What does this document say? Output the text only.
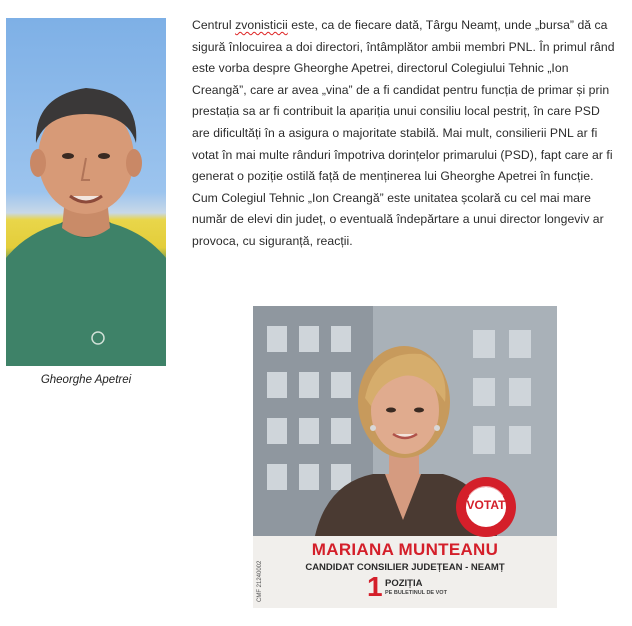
Gheorghe Apetrei
Centrul zvonisticii este, ca de fiecare dată, Târgu Neamț, unde „bursa” dă ca sigură înlocuirea a doi directori, întâmplător ambii membri PNL. În primul rând este vorba despre Gheorghe Apetrei, directorul Colegiului Tehnic „Ion Creangă”, care ar avea „vina” de a fi candidat pentru funcția de primar și prin prestația sa ar fi contribuit la apariția unui consiliu local pestriț, în care PSD are dificultăți în a asigura o majoritate stabilă. Mai mult, consilierii PNL ar fi votat în mai multe rânduri împotriva dorințelor primarului (PSD), fapt care ar fi generat o poziție ostilă față de menținerea lui Gheorghe Apetrei în funcție. Cum Colegiul Tehnic „Ion Creangă” este unitatea școlară cu cel mai mare număr de elevi din județ, o eventuală îndepărtare a unui director longeviv ar provoca, cu siguranță, reacții.
VOTAT
MARIANA MUNTEANU
CANDIDAT CONSILIER JUDEȚEAN - NEAMȚ
1 POZIȚIA
PE BULETINUL DE VOT
CMF 21240002
